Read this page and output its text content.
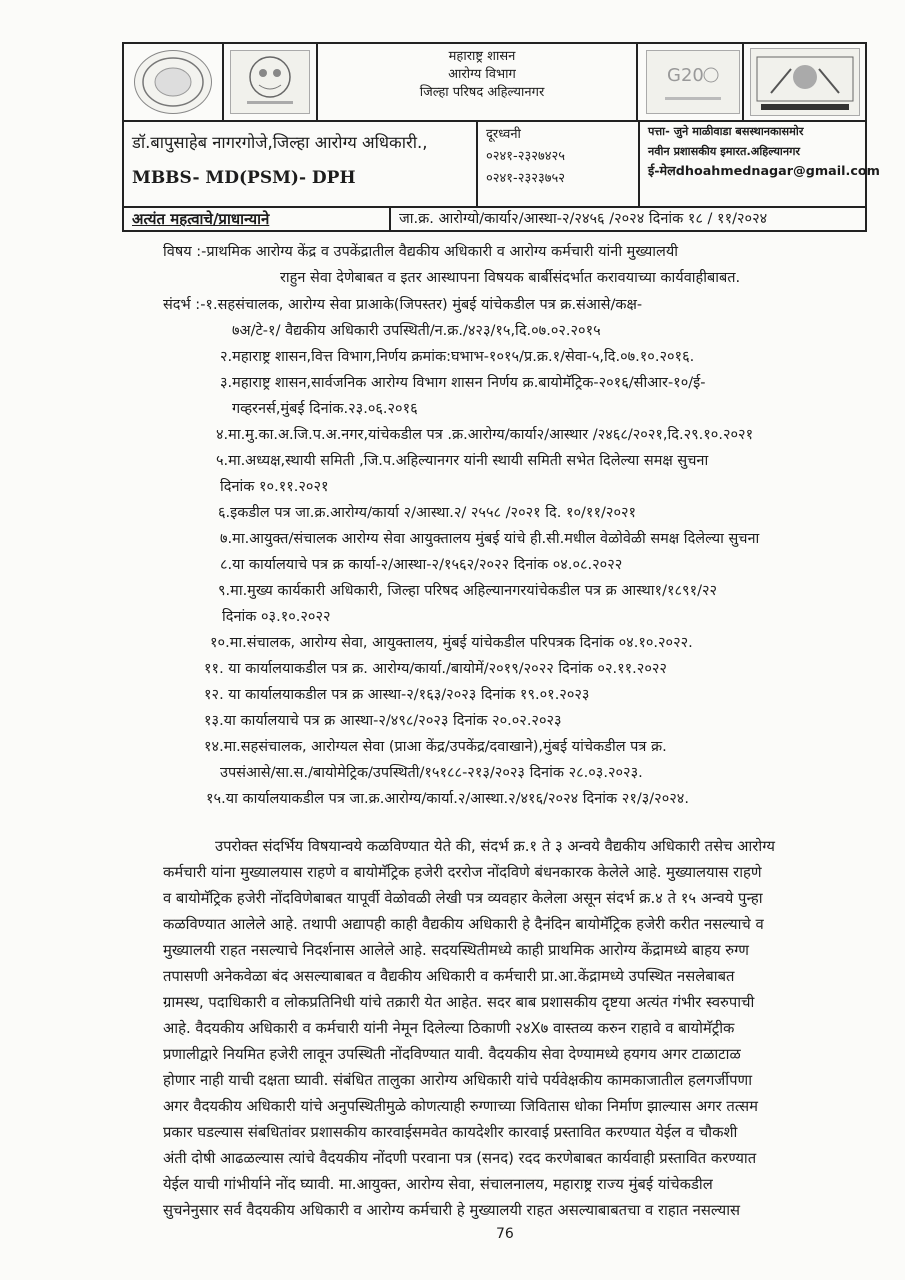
महाराष्ट्र शासन
आरोग्य विभाग
जिल्हा परिषद अहिल्यानगर
G20
डॉ.बापुसाहेब नागरगोजे,जिल्हा आरोग्य अधिकारी.,
MBBS- MD(PSM)- DPH
दूरध्वनी
०२४१-२३२७४२५
०२४१-२३२३७५२
पत्ता- जुने माळीवाडा बसस्थानकासमोर
नवीन प्रशासकीय इमारत.अहिल्यानगर
ई-मेलdhoahmednagar@gmail.com
अत्यंत महत्वाचे/प्राधान्याने	जा.क्र. आरोग्यो/कार्या२/आस्था-२/२४५६ /२०२४ दिनांक १८ / ११/२०२४
विषय :-प्राथमिक आरोग्य केंद्र व उपकेंद्रातील वैद्यकीय अधिकारी व आरोग्य कर्मचारी यांनी मुख्यालयी
राहुन सेवा देणेबाबत व इतर आस्थापना विषयक बार्बीसंदर्भात करावयाच्या कार्यवाहीबाबत.
संदर्भ :-१.सहसंचालक, आरोग्य सेवा प्राआके(जिपस्तर) मुंबई यांचेकडील पत्र क्र.संआसे/कक्ष-
७अ/टे-१/ वैद्यकीय अधिकारी उपस्थिती/न.क्र./४२३/१५,दि.०७.०२.२०१५
२.महाराष्ट्र शासन,वित्त विभाग,निर्णय क्रमांक:घभाभ-१०१५/प्र.क्र.१/सेवा-५,दि.०७.१०.२०१६.
३.महाराष्ट्र शासन,सार्वजनिक आरोग्य विभाग शासन निर्णय क्र.बायोमॅट्रिक-२०१६/सीआर-१०/ई-
गव्हरनर्स,मुंबई दिनांक.२३.०६.२०१६
४.मा.मु.का.अ.जि.प.अ.नगर,यांचेकडील पत्र .क्र.आरोग्य/कार्या२/आस्थार /२४६८/२०२१,दि.२९.१०.२०२१
५.मा.अध्यक्ष,स्थायी समिती ,जि.प.अहिल्यानगर यांनी स्थायी समिती सभेत दिलेल्या समक्ष सुचना
दिनांक १०.११.२०२१
६.इकडील पत्र जा.क्र.आरोग्य/कार्या २/आस्था.२/ २५५८ /२०२१ दि. १०/११/२०२१
७.मा.आयुक्त/संचालक आरोग्य सेवा आयुक्तालय मुंबई यांचे ही.सी.मधील वेळोवेळी समक्ष दिलेल्या सुचना
८.या कार्यालयाचे पत्र क्र कार्या-२/आस्था-२/१५६२/२०२२ दिनांक ०४.०८.२०२२
९.मा.मुख्य कार्यकारी अधिकारी, जिल्हा परिषद अहिल्यानगरयांचेकडील पत्र क्र आस्था१/१८९१/२२
दिनांक ०३.१०.२०२२
१०.मा.संचालक, आरोग्य सेवा, आयुक्तालय, मुंबई यांचेकडील परिपत्रक दिनांक ०४.१०.२०२२.
११. या कार्यालयाकडील पत्र क्र. आरोग्य/कार्या./बायोमें/२०१९/२०२२ दिनांक ०२.११.२०२२
१२. या कार्यालयाकडील पत्र क्र आस्था-२/१६३/२०२३ दिनांक १९.०१.२०२३
१३.या कार्यालयाचे पत्र क्र आस्था-२/४९८/२०२३ दिनांक २०.०२.२०२३
१४.मा.सहसंचालक, आरोग्यल सेवा (प्राआ केंद्र/उपकेंद्र/दवाखाने),मुंबई यांचेकडील पत्र क्र.
उपसंआसे/सा.स./बायोमेट्रिक/उपस्थिती/१५१८८-२१३/२०२३ दिनांक २८.०३.२०२३.
१५.या कार्यालयाकडील पत्र जा.क्र.आरोग्य/कार्या.२/आस्था.२/४१६/२०२४ दिनांक २१/३/२०२४.
उपरोक्त संदर्भिय विषयान्वये कळविण्यात येते की, संदर्भ क्र.१ ते ३ अन्वये वैद्यकीय अधिकारी तसेच आरोग्य
कर्मचारी यांना मुख्यालयास राहणे व बायोमॅट्रिक हजेरी दररोज नोंदविणे बंधनकारक केलेले आहे. मुख्यालयास राहणे
व बायोमॅट्रिक हजेरी नोंदविणेबाबत यापूर्वी वेळोवळी लेखी पत्र व्यवहार केलेला असून संदर्भ क्र.४ ते १५ अन्वये पुन्हा
कळविण्यात आलेले आहे. तथापी अद्यापही काही वैद्यकीय अधिकारी हे दैनंदिन बायोमॅट्रिक हजेरी करीत नसल्याचे व
मुख्यालयी राहत नसल्याचे निदर्शनास आलेले आहे. सदयस्थितीमध्ये काही प्राथमिक आरोग्य केंद्रामध्ये बाहय रुग्ण
तपासणी अनेकवेळा बंद असल्याबाबत व वैद्यकीय अधिकारी व कर्मचारी प्रा.आ.केंद्रामध्ये उपस्थित नसलेबाबत
ग्रामस्थ, पदाधिकारी व लोकप्रतिनिधी यांचे तक्रारी येत आहेत. सदर बाब प्रशासकीय दृष्टया अत्यंत गंभीर स्वरुपाची
आहे. वैदयकीय अधिकारी व कर्मचारी यांनी नेमून दिलेल्या ठिकाणी २४X७ वास्तव्य करुन राहावे व बायोमॅट्रीक
प्रणालीद्वारे नियमित हजेरी लावून उपस्थिती नोंदविण्यात यावी. वैदयकीय सेवा देण्यामध्ये हयगय अगर टाळाटाळ
होणार नाही याची दक्षता घ्यावी. संबंधित तालुका आरोग्य अधिकारी यांचे पर्यवेक्षकीय कामकाजातील हलगर्जीपणा
अगर वैदयकीय अधिकारी यांचे अनुपस्थितीमुळे कोणत्याही रुग्णाच्या जिवितास धोका निर्माण झाल्यास अगर तत्सम
प्रकार घडल्यास संबधितांवर प्रशासकीय कारवाईसमवेत कायदेशीर कारवाई प्रस्तावित करण्यात येईल व चौकशी
अंती दोषी आढळल्यास त्यांचे वैदयकीय नोंदणी परवाना पत्र (सनद) रदद करणेबाबत कार्यवाही प्रस्तावित करण्यात
येईल याची गांभीर्याने नोंद घ्यावी. मा.आयुक्त, आरोग्य सेवा, संचालनालय, महाराष्ट्र राज्य मुंबई यांचेकडील
सुचनेनुसार सर्व वैदयकीय अधिकारी व आरोग्य कर्मचारी हे मुख्यालयी राहत असल्याबाबतचा व राहात नसल्यास
76
